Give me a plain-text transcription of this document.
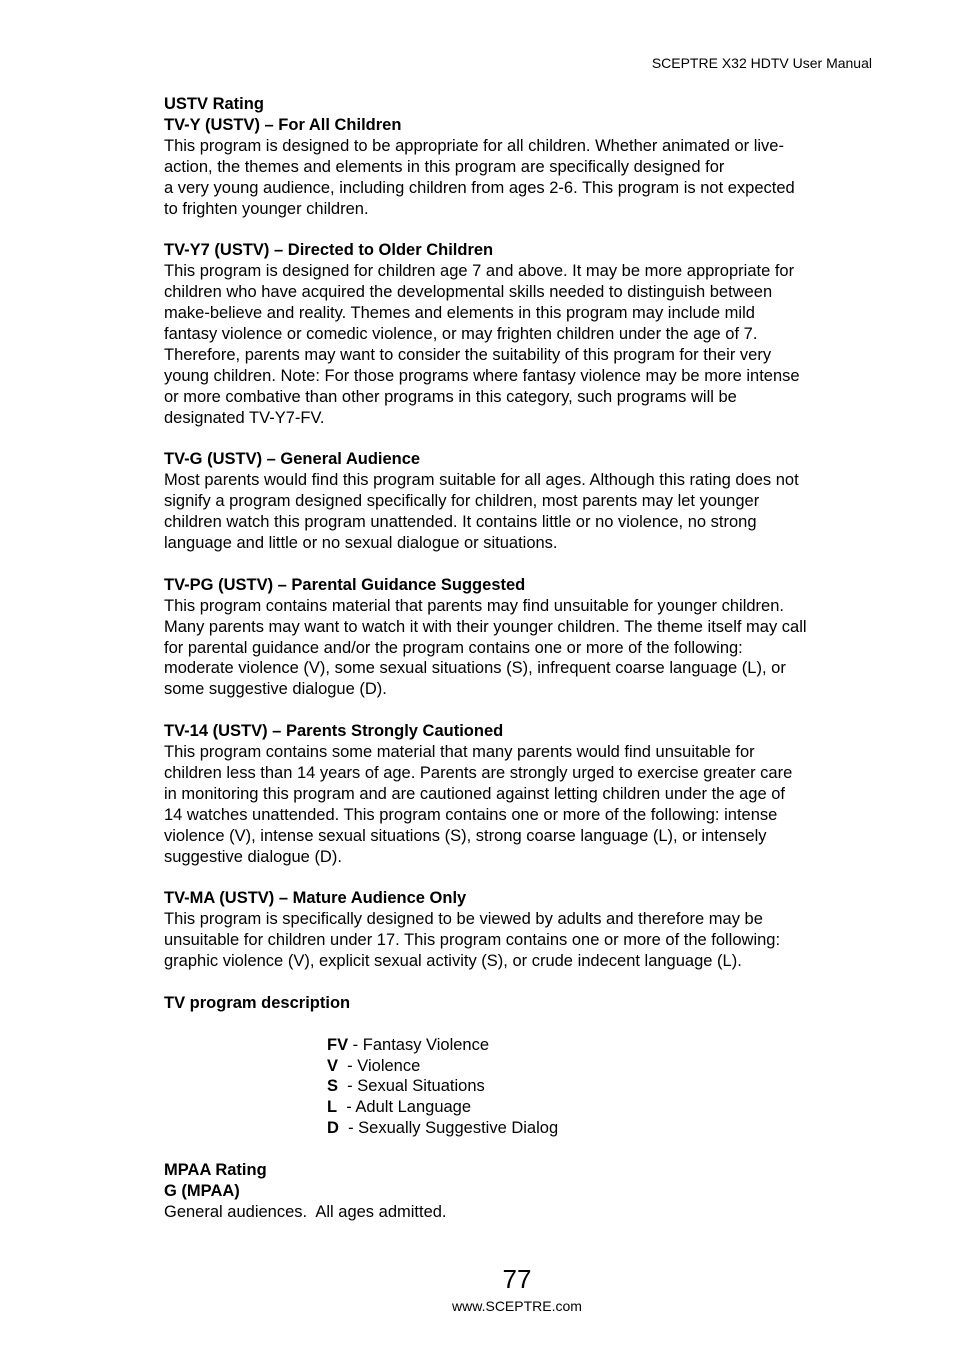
SCEPTRE X32 HDTV User Manual

USTV Rating

TV-Y (USTV) – For All Children

This program is designed to be appropriate for all children. Whether animated or live-

action, the themes and elements in this program are specifically designed for

a very young audience, including children from ages 2-6. This program is not expected

to frighten younger children.

TV-Y7 (USTV) – Directed to Older Children

This program is designed for children age 7 and above. It may be more appropriate for

children who have acquired the developmental skills needed to distinguish between

make-believe and reality. Themes and elements in this program may include mild

fantasy violence or comedic violence, or may frighten children under the age of 7.

Therefore, parents may want to consider the suitability of this program for their very

young children. Note: For those programs where fantasy violence may be more intense

or more combative than other programs in this category, such programs will be

designated TV-Y7-FV.

TV-G (USTV) – General Audience

Most parents would find this program suitable for all ages. Although this rating does not

signify a program designed specifically for children, most parents may let younger

children watch this program unattended. It contains little or no violence, no strong

language and little or no sexual dialogue or situations.

TV-PG (USTV) – Parental Guidance Suggested

This program contains material that parents may find unsuitable for younger children.

Many parents may want to watch it with their younger children. The theme itself may call

for parental guidance and/or the program contains one or more of the following:

moderate violence (V), some sexual situations (S), infrequent coarse language (L), or

some suggestive dialogue (D).

TV-14 (USTV) – Parents Strongly Cautioned

This program contains some material that many parents would find unsuitable for

children less than 14 years of age. Parents are strongly urged to exercise greater care

in monitoring this program and are cautioned against letting children under the age of

14 watches unattended. This program contains one or more of the following: intense

violence (V), intense sexual situations (S), strong coarse language (L), or intensely

suggestive dialogue (D).

TV-MA (USTV) – Mature Audience Only

This program is specifically designed to be viewed by adults and therefore may be

unsuitable for children under 17. This program contains one or more of the following:

graphic violence (V), explicit sexual activity (S), or crude indecent language (L).

TV program description

FV - Fantasy Violence

V  - Violence

S  - Sexual Situations

L  - Adult Language

D  - Sexually Suggestive Dialog

MPAA Rating

G (MPAA)

General audiences.  All ages admitted.

77
www.SCEPTRE.com
